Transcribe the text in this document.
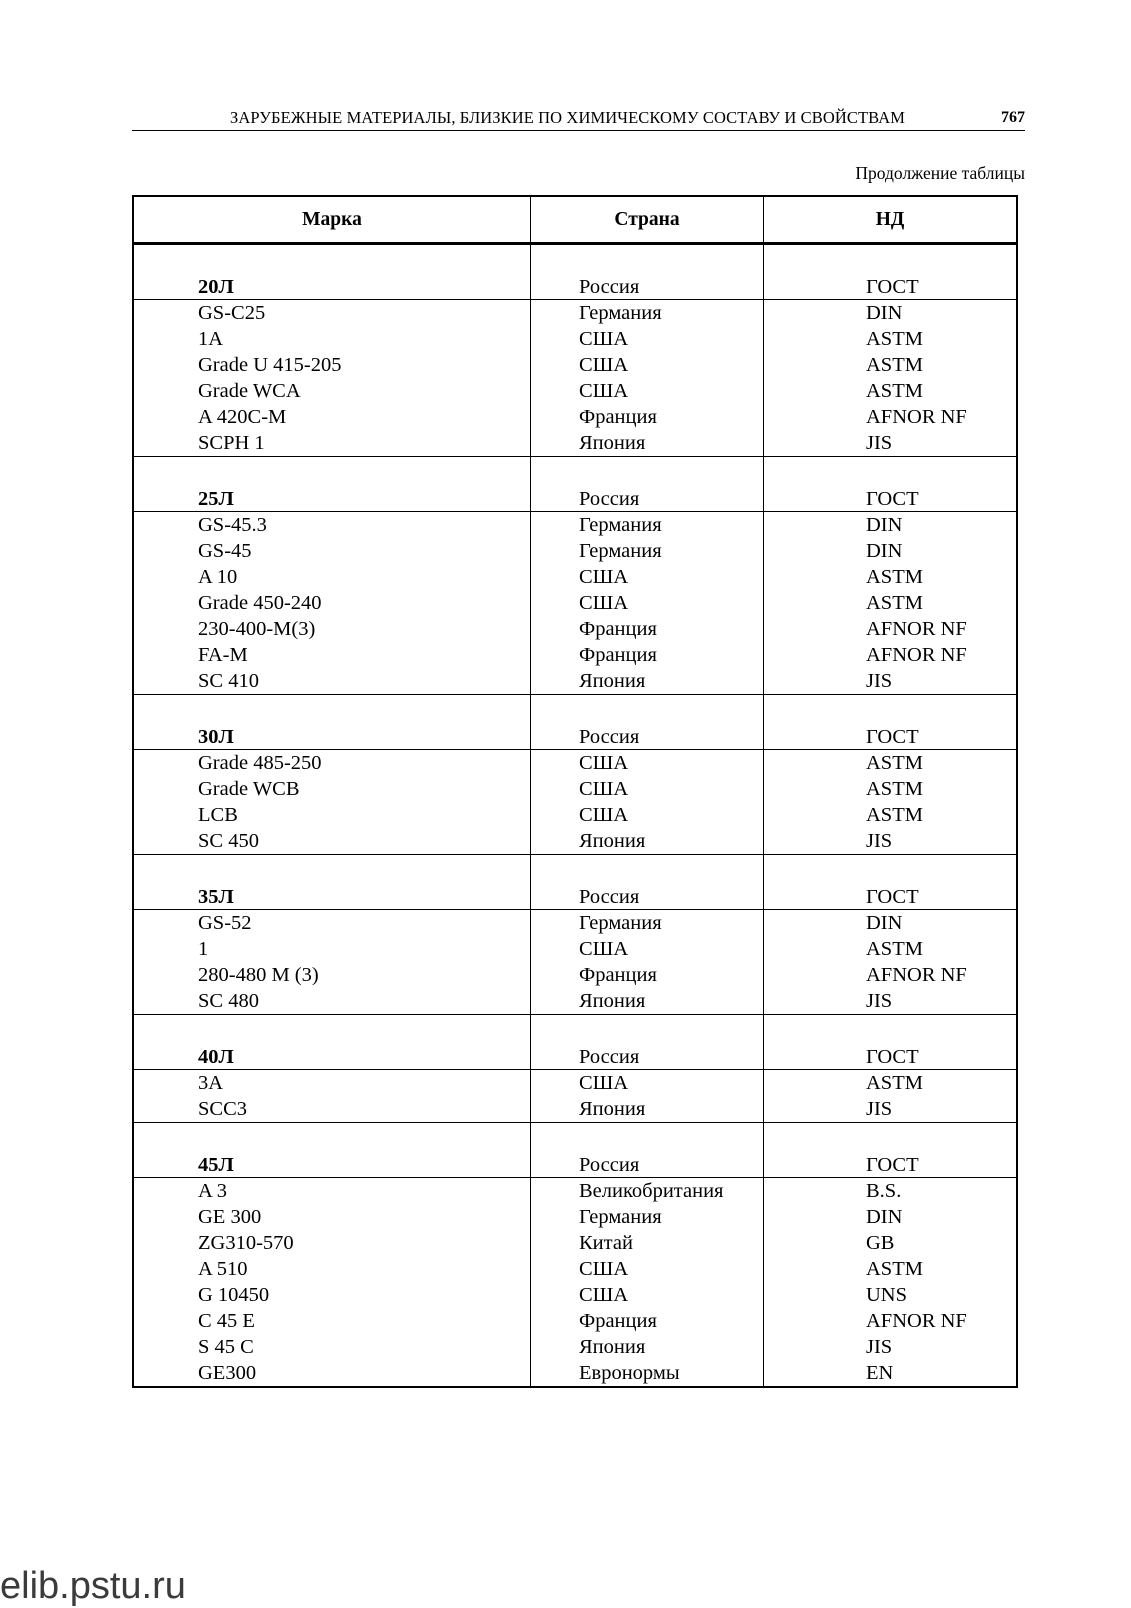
ЗАРУБЕЖНЫЕ МАТЕРИАЛЫ, БЛИЗКИЕ ПО ХИМИЧЕСКОМУ СОСТАВУ И СВОЙСТВАМ	767
Продолжение таблицы
Марка	Страна	НД
20Л	Россия	ГОСТ
GS-C25	Германия	DIN
1A	США	ASTM
Grade U 415-205	США	ASTM
Grade WCA	США	ASTM
A 420C-M	Франция	AFNOR NF
SCPH 1	Япония	JIS
25Л	Россия	ГОСТ
GS-45.3	Германия	DIN
GS-45	Германия	DIN
A 10	США	ASTM
Grade 450-240	США	ASTM
230-400-M(3)	Франция	AFNOR NF
FA-M	Франция	AFNOR NF
SC 410	Япония	JIS
30Л	Россия	ГОСТ
Grade 485-250	США	ASTM
Grade WCB	США	ASTM
LCB	США	ASTM
SC 450	Япония	JIS
35Л	Россия	ГОСТ
GS-52	Германия	DIN
1	США	ASTM
280-480 M (3)	Франция	AFNOR NF
SC 480	Япония	JIS
40Л	Россия	ГОСТ
3A	США	ASTM
SCC3	Япония	JIS
45Л	Россия	ГОСТ
A 3	Великобритания	B.S.
GE 300	Германия	DIN
ZG310-570	Китай	GB
A 510	США	ASTM
G 10450	США	UNS
C 45 E	Франция	AFNOR NF
S 45 C	Япония	JIS
GE300	Евронормы	EN
elib.pstu.ru
